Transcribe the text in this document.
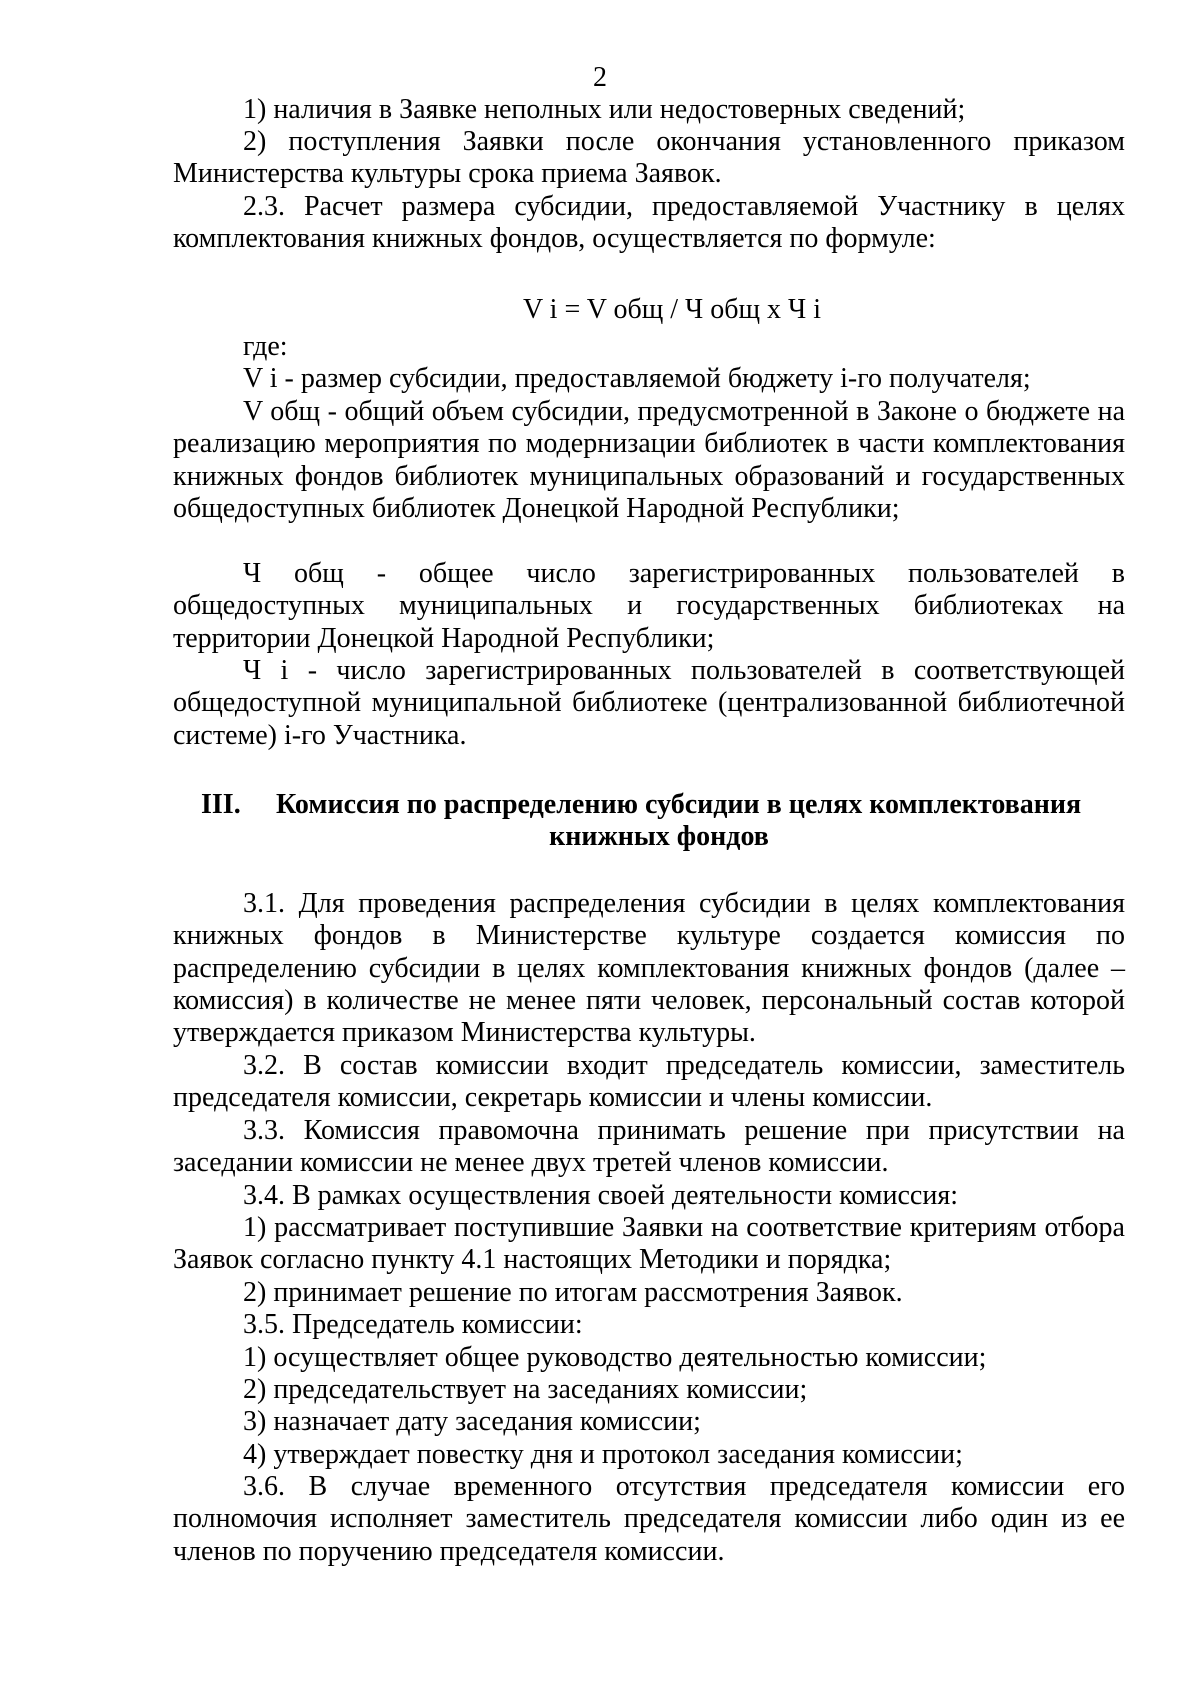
2

1) наличия в Заявке неполных или недостоверных сведений;

2) поступления Заявки после окончания установленного приказом Министерства культуры срока приема Заявок.

2.3. Расчет размера субсидии, предоставляемой Участнику в целях комплектования книжных фондов, осуществляется по формуле:

V i = V общ / Ч общ х Ч i

где:

V i - размер субсидии, предоставляемой бюджету i-го получателя;

V общ - общий объем субсидии, предусмотренной в Законе о бюджете на реализацию мероприятия по модернизации библиотек в части комплектования книжных фондов библиотек муниципальных образований и государственных общедоступных библиотек Донецкой Народной Республики;

Ч общ - общее число зарегистрированных пользователей в общедоступных муниципальных и государственных библиотеках на территории Донецкой Народной Республики;

Ч i - число зарегистрированных пользователей в соответствующей общедоступной муниципальной библиотеке (централизованной библиотечной системе) i-го Участника.

III.	Комиссия по распределению субсидии в целях комплектования
книжных фондов

3.1. Для проведения распределения субсидии в целях комплектования книжных фондов в Министерстве культуре создается комиссия по распределению субсидии в целях комплектования книжных фондов (далее – комиссия) в количестве не менее пяти человек, персональный состав которой утверждается приказом Министерства культуры.

3.2. В состав комиссии входит председатель комиссии, заместитель председателя комиссии, секретарь комиссии и члены комиссии.

3.3. Комиссия правомочна принимать решение при присутствии на заседании комиссии не менее двух третей членов комиссии.

3.4. В рамках осуществления своей деятельности комиссия:

1) рассматривает поступившие Заявки на соответствие критериям отбора Заявок согласно пункту 4.1 настоящих Методики и порядка;

2) принимает решение по итогам рассмотрения Заявок.

3.5. Председатель комиссии:

1) осуществляет общее руководство деятельностью комиссии;

2) председательствует на заседаниях комиссии;

3) назначает дату заседания комиссии;

4) утверждает повестку дня и протокол заседания комиссии;

3.6. В случае временного отсутствия председателя комиссии его полномочия исполняет заместитель председателя комиссии либо один из ее членов по поручению председателя комиссии.
